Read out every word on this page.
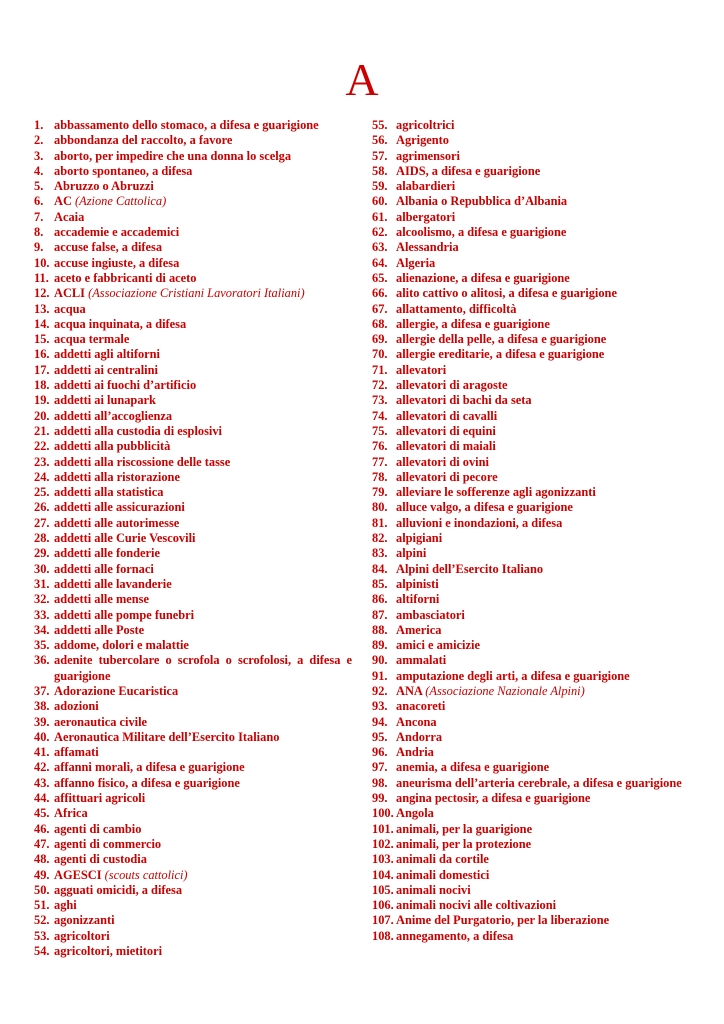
A
1. abbassamento dello stomaco, a difesa e guarigione
2. abbondanza del raccolto, a favore
3. aborto, per impedire che una donna lo scelga
4. aborto spontaneo, a difesa
5. Abruzzo o Abruzzi
6. AC (Azione Cattolica)
7. Acaia
8. accademie e accademici
9. accuse false, a difesa
10. accuse ingiuste, a difesa
11. aceto e fabbricanti di aceto
12. ACLI (Associazione Cristiani Lavoratori Italiani)
13. acqua
14. acqua inquinata, a difesa
15. acqua termale
16. addetti agli altiforni
17. addetti ai centralini
18. addetti ai fuochi d’artificio
19. addetti ai lunapark
20. addetti all’accoglienza
21. addetti alla custodia di esplosivi
22. addetti alla pubblicità
23. addetti alla riscossione delle tasse
24. addetti alla ristorazione
25. addetti alla statistica
26. addetti alle assicurazioni
27. addetti alle autorimesse
28. addetti alle Curie Vescovili
29. addetti alle fonderie
30. addetti alle fornaci
31. addetti alle lavanderie
32. addetti alle mense
33. addetti alle pompe funebri
34. addetti alle Poste
35. addome, dolori e malattie
36. adenite tubercolare o scrofola o scrofolosi, a difesa e guarigione
37. Adorazione Eucaristica
38. adozioni
39. aeronautica civile
40. Aeronautica Militare dell’Esercito Italiano
41. affamati
42. affanni morali, a difesa e guarigione
43. affanno fisico, a difesa e guarigione
44. affittuari agricoli
45. Africa
46. agenti di cambio
47. agenti di commercio
48. agenti di custodia
49. AGESCI (scouts cattolici)
50. agguati omicidi, a difesa
51. aghi
52. agonizzanti
53. agricoltori
54. agricoltori, mietitori
55. agricoltrici
56. Agrigento
57. agrimensori
58. AIDS, a difesa e guarigione
59. alabardieri
60. Albania o Repubblica d’Albania
61. albergatori
62. alcoolismo, a difesa e guarigione
63. Alessandria
64. Algeria
65. alienazione, a difesa e guarigione
66. alito cattivo o alitosi, a difesa e guarigione
67. allattamento, difficoltà
68. allergie, a difesa e guarigione
69. allergie della pelle, a difesa e guarigione
70. allergie ereditarie, a difesa e guarigione
71. allevatori
72. allevatori di aragoste
73. allevatori di bachi da seta
74. allevatori di cavalli
75. allevatori di equini
76. allevatori di maiali
77. allevatori di ovini
78. allevatori di pecore
79. alleviare le sofferenze agli agonizzanti
80. alluce valgo, a difesa e guarigione
81. alluvioni e inondazioni, a difesa
82. alpigiani
83. alpini
84. Alpini dell’Esercito Italiano
85. alpinisti
86. altiforni
87. ambasciatori
88. America
89. amici e amicizie
90. ammalati
91. amputazione degli arti, a difesa e guarigione
92. ANA (Associazione Nazionale Alpini)
93. anacoreti
94. Ancona
95. Andorra
96. Andria
97. anemia, a difesa e guarigione
98. aneurisma dell’arteria cerebrale, a difesa e guarigione
99. angina pectosir, a difesa e guarigione
100. Angola
101. animali, per la guarigione
102. animali, per la protezione
103. animali da cortile
104. animali domestici
105. animali nocivi
106. animali nocivi alle coltivazioni
107. Anime del Purgatorio, per la liberazione
108. annegamento, a difesa
